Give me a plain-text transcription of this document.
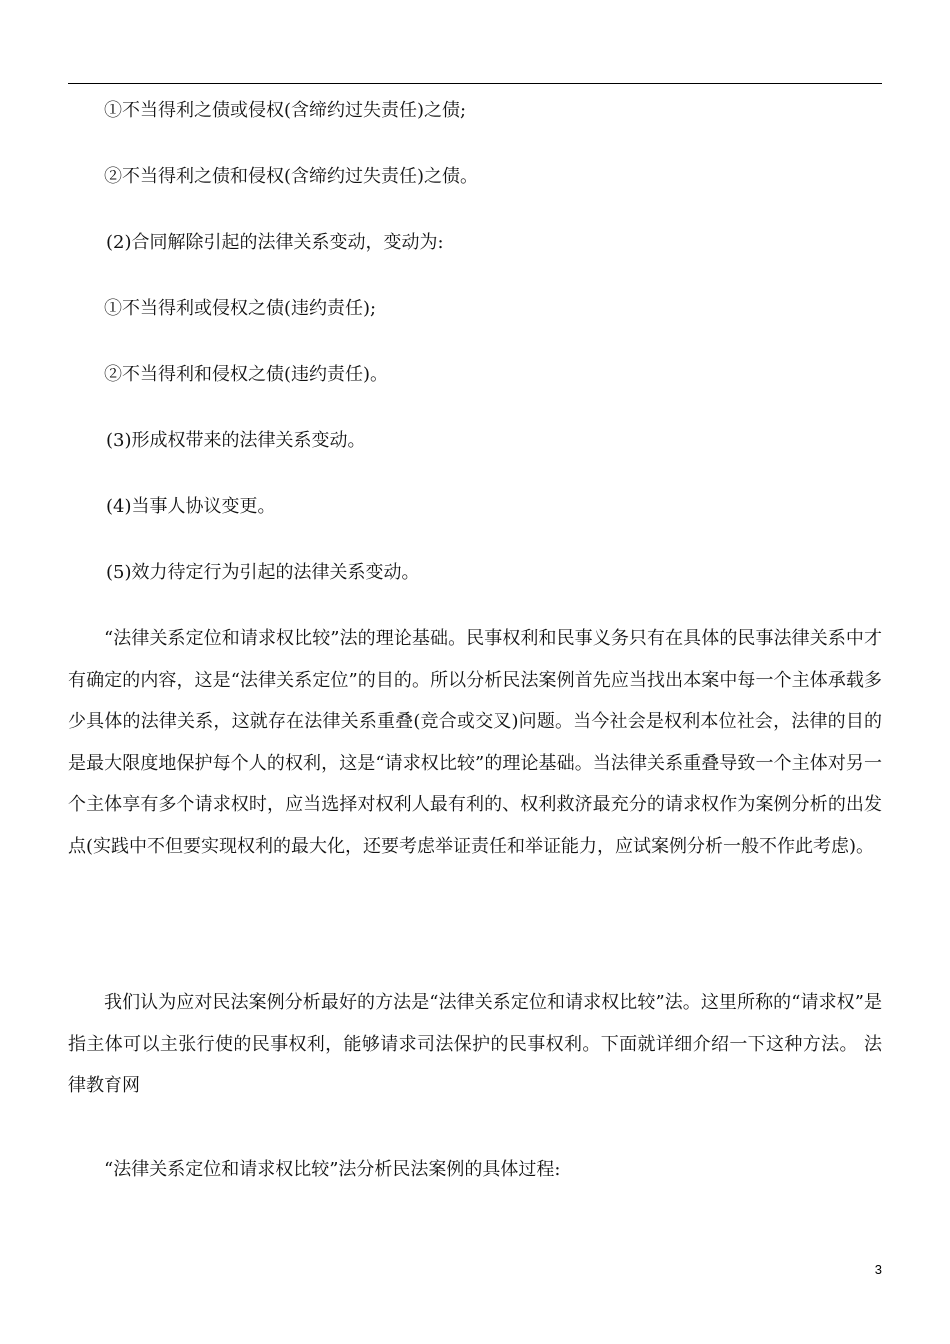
①不当得利之债或侵权(含缔约过失责任)之债;
②不当得利之债和侵权(含缔约过失责任)之债。
(2)合同解除引起的法律关系变动，变动为:
①不当得利或侵权之债(违约责任);
②不当得利和侵权之债(违约责任)。
(3)形成权带来的法律关系变动。
(4)当事人协议变更。
(5)效力待定行为引起的法律关系变动。
“法律关系定位和请求权比较”法的理论基础。民事权利和民事义务只有在具体的民事法律关系中才有确定的内容，这是“法律关系定位”的目的。所以分析民法案例首先应当找出本案中每一个主体承载多少具体的法律关系，这就存在法律关系重叠(竞合或交叉)问题。当今社会是权利本位社会，法律的目的是最大限度地保护每个人的权利，这是“请求权比较”的理论基础。当法律关系重叠导致一个主体对另一个主体享有多个请求权时，应当选择对权利人最有利的、权利救济最充分的请求权作为案例分析的出发点(实践中不但要实现权利的最大化，还要考虑举证责任和举证能力，应试案例分析一般不作此考虑)。
我们认为应对民法案例分析最好的方法是“法律关系定位和请求权比较”法。这里所称的“请求权”是指主体可以主张行使的民事权利，能够请求司法保护的民事权利。下面就详细介绍一下这种方法。 法律教育网
“法律关系定位和请求权比较”法分析民法案例的具体过程:
3
